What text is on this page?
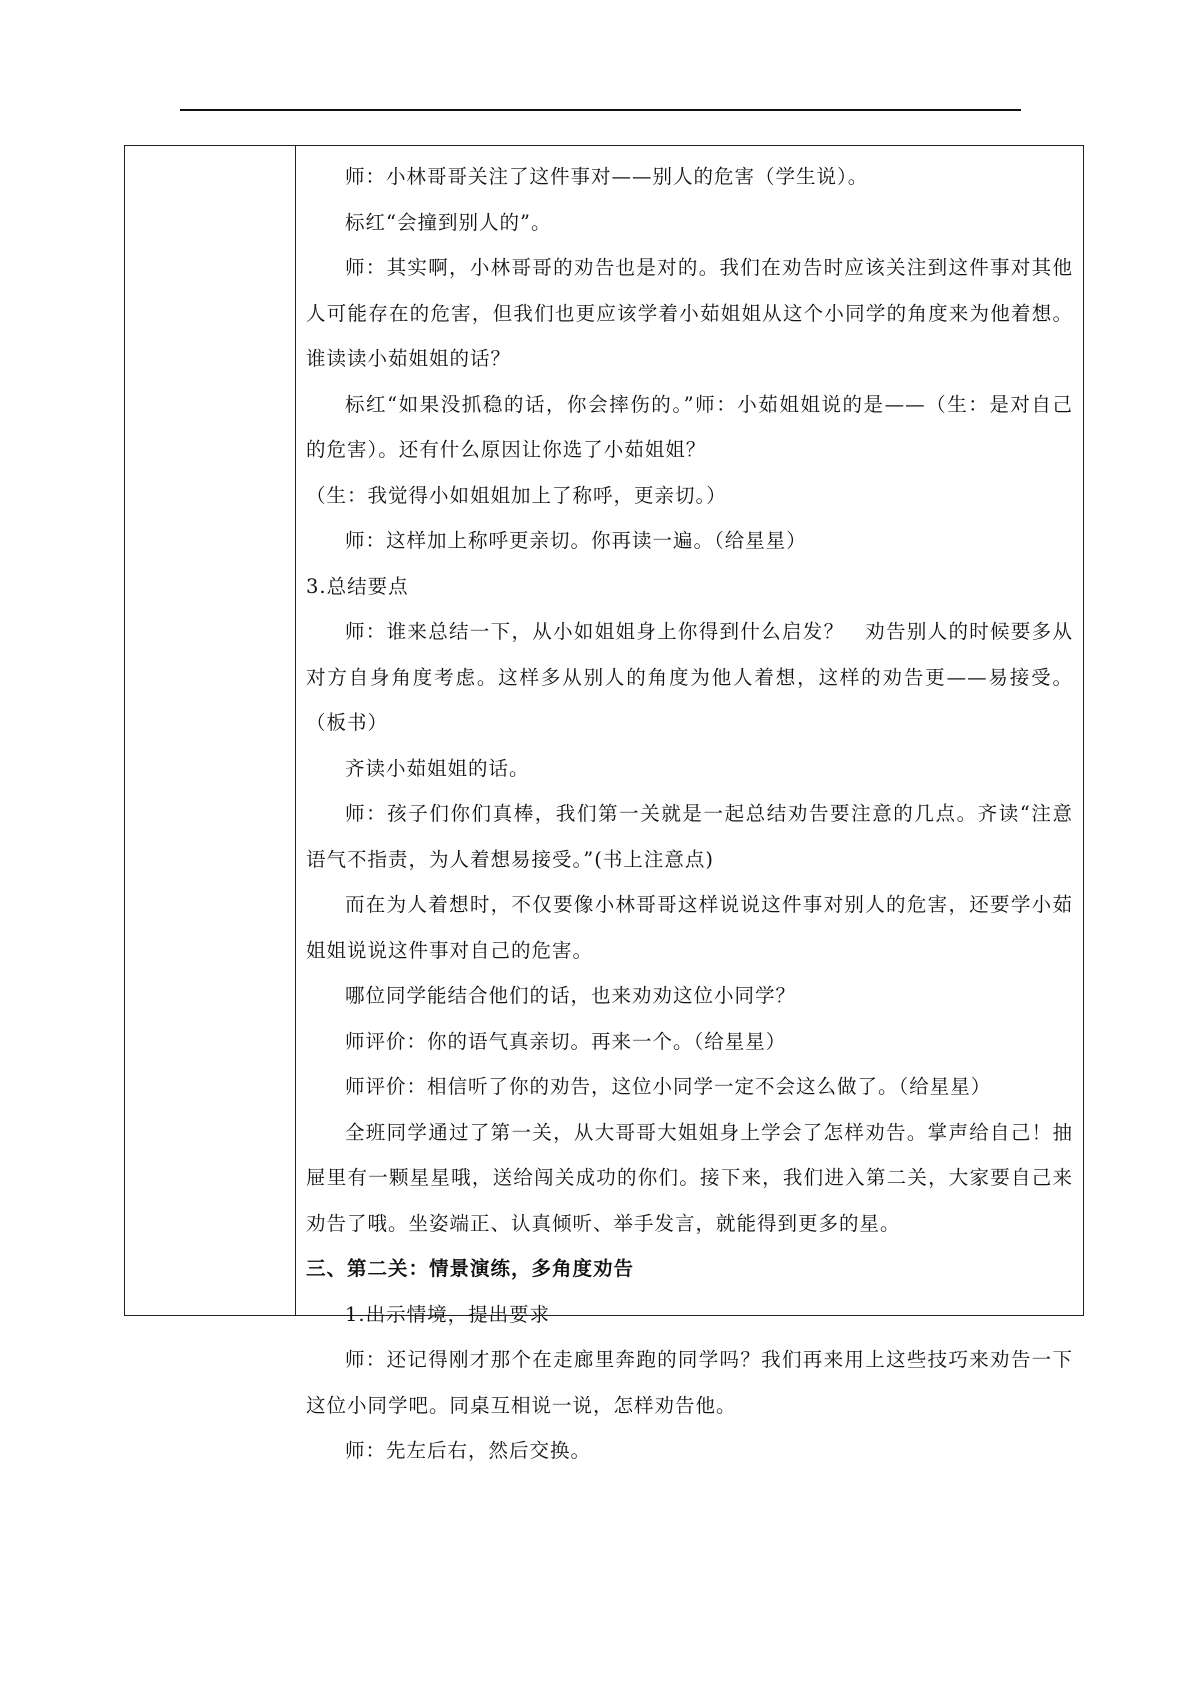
师：小林哥哥关注了这件事对——别人的危害（学生说）。

标红“会撞到别人的”。

师：其实啊，小林哥哥的劝告也是对的。我们在劝告时应该关注到这件事对其他人可能存在的危害，但我们也更应该学着小茹姐姐从这个小同学的角度来为他着想。谁读读小茹姐姐的话？

标红“如果没抓稳的话，你会摔伤的。”师：小茹姐姐说的是——（生：是对自己的危害）。还有什么原因让你选了小茹姐姐？

（生：我觉得小如姐姐加上了称呼，更亲切。）

师：这样加上称呼更亲切。你再读一遍。（给星星）

3.总结要点

师：谁来总结一下，从小如姐姐身上你得到什么启发？　劝告别人的时候要多从对方自身角度考虑。这样多从别人的角度为他人着想，这样的劝告更——易接受。（板书）

齐读小茹姐姐的话。

师：孩子们你们真棒，我们第一关就是一起总结劝告要注意的几点。齐读“注意语气不指责，为人着想易接受。”(书上注意点)

而在为人着想时，不仅要像小林哥哥这样说说这件事对别人的危害，还要学小茹姐姐说说这件事对自己的危害。

哪位同学能结合他们的话，也来劝劝这位小同学？

师评价：你的语气真亲切。再来一个。（给星星）

师评价：相信听了你的劝告，这位小同学一定不会这么做了。（给星星）

全班同学通过了第一关，从大哥哥大姐姐身上学会了怎样劝告。掌声给自己！抽屉里有一颗星星哦，送给闯关成功的你们。接下来，我们进入第二关，大家要自己来劝告了哦。坐姿端正、认真倾听、举手发言，就能得到更多的星。

三、第二关：情景演练，多角度劝告

1.出示情境，提出要求

师：还记得刚才那个在走廊里奔跑的同学吗？我们再来用上这些技巧来劝告一下这位小同学吧。同桌互相说一说，怎样劝告他。

师：先左后右，然后交换。
